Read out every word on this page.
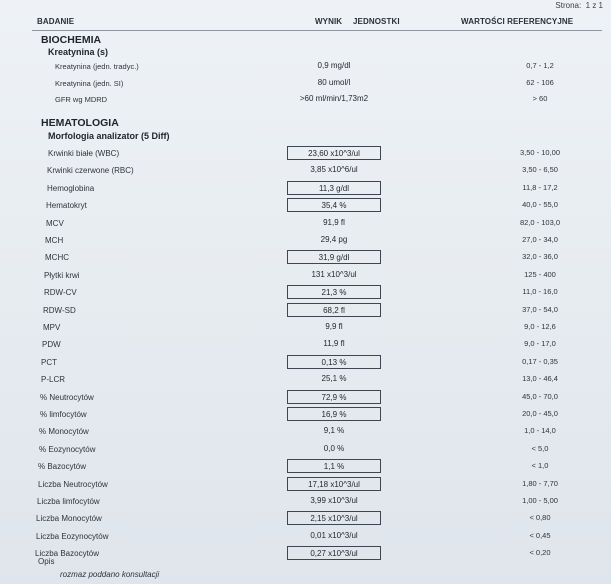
Strona: 1 z 1
BADANIE	WYNIK JEDNOSTKI	WARTOŚCI REFERENCYJNE
BIOCHEMIA
Kreatynina (s)
Kreatynina (jedn. tradyc.)	0,9 mg/dl	0,7 - 1,2
Kreatynina (jedn. SI)	80 umol/l	62 - 106
GFR wg MDRD	>60 ml/min/1,73m2	> 60
HEMATOLOGIA
Morfologia analizator (5 Diff)
Krwinki białe (WBC)	23,60 x10^3/ul	3,50 - 10,00
Krwinki czerwone (RBC)	3,85 x10^6/ul	3,50 - 6,50
Hemoglobina	11,3 g/dl	11,8 - 17,2
Hematokryt	35,4 %	40,0 - 55,0
MCV	91,9 fl	82,0 - 103,0
MCH	29,4 pg	27,0 - 34,0
MCHC	31,9 g/dl	32,0 - 36,0
Płytki krwi	131 x10^3/ul	125 - 400
RDW-CV	21,3 %	11,0 - 16,0
RDW-SD	68,2 fl	37,0 - 54,0
MPV	9,9 fl	9,0 - 12,6
PDW	11,9 fl	9,0 - 17,0
PCT	0,13 %	0,17 - 0,35
P-LCR	25,1 %	13,0 - 46,4
% Neutrocytów	72,9 %	45,0 - 70,0
% limfocytów	16,9 %	20,0 - 45,0
% Monocytów	9,1 %	1,0 - 14,0
% Eozynocytów	0,0 %	< 5,0
% Bazocytów	1,1 %	< 1,0
Liczba Neutrocytów	17,18 x10^3/ul	1,80 - 7,70
Liczba limfocytów	3,99 x10^3/ul	1,00 - 5,00
Liczba Monocytów	2,15 x10^3/ul	< 0,80
Liczba Eozynocytów	0,01 x10^3/ul	< 0,45
Liczba Bazocytów	0,27 x10^3/ul	< 0,20
Opis
rozmaz poddano konsultacji
